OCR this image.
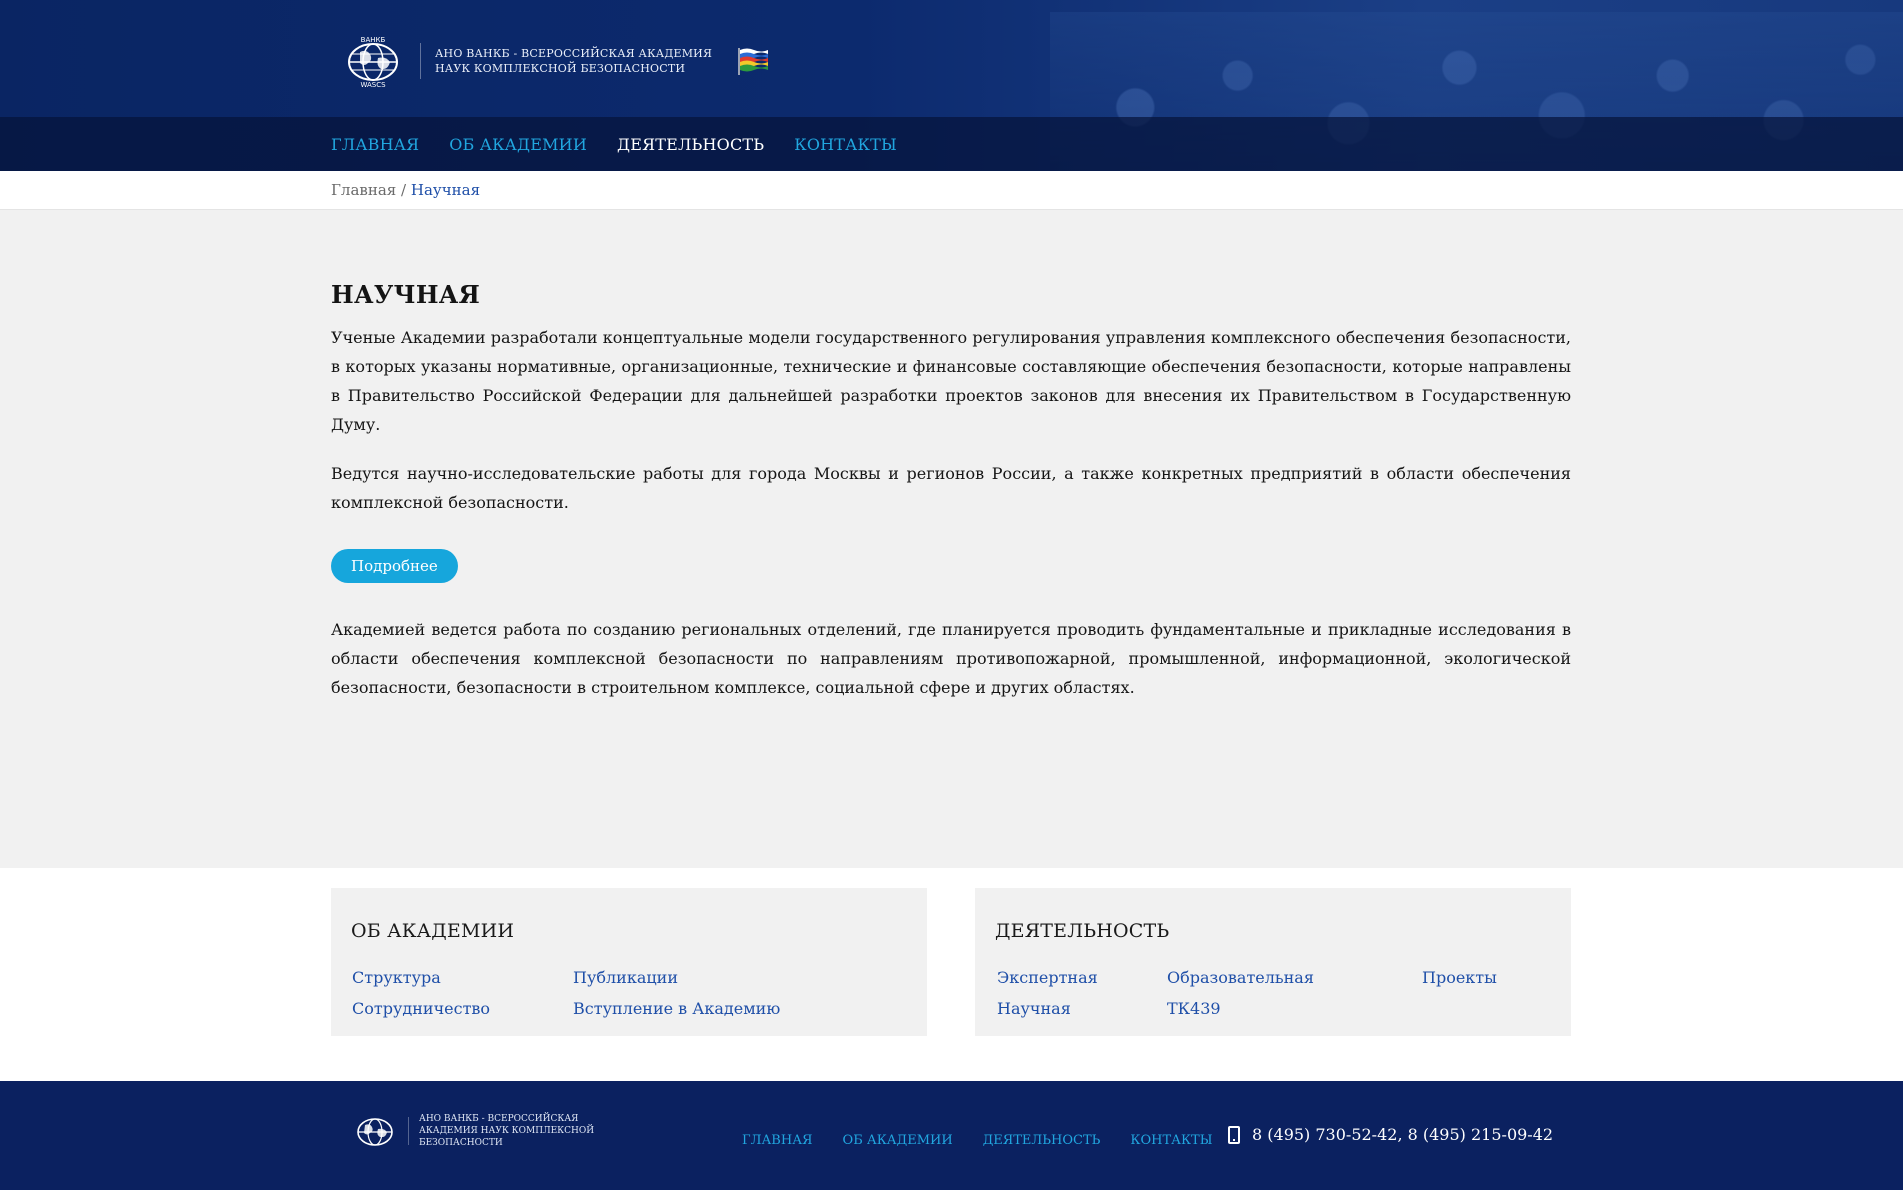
ВАНКБ
WASCS
АНО ВАНКБ - ВСЕРОССИЙСКАЯ АКАДЕМИЯ НАУК КОМПЛЕКСНОЙ БЕЗОПАСНОСТИ
ГЛАВНАЯ ОБ АКАДЕМИИ ДЕЯТЕЛЬНОСТЬ КОНТАКТЫ
Главная / Научная
НАУЧНАЯ

Ученые Академии разработали концептуальные модели государственного регулирования управления комплексного обеспечения безопасности, в которых указаны нормативные, организационные, технические и финансовые составляющие обеспечения безопасности, которые направлены в Правительство Российской Федерации для дальнейшей разработки проектов законов для внесения их Правительством в Государственную Думу.

Ведутся научно-исследовательские работы для города Москвы и регионов России, а также конкретных предприятий в области обеспечения комплексной безопасности.

Подробнее

Академией ведется работа по созданию региональных отделений, где планируется проводить фундаментальные и прикладные исследования в области обеспечения комплексной безопасности по направлениям противопожарной, промышленной, информационной, экологической безопасности, безопасности в строительном комплексе, социальной сфере и других областях.

ОБ АКАДЕМИИ
Структура	Публикации
Сотрудничество	Вступление в Академию
ДЕЯТЕЛЬНОСТЬ
Экспертная	Образовательная	Проекты
Научная	ТК439
АНО ВАНКБ - ВСЕРОССИЙСКАЯ АКАДЕМИЯ НАУК КОМПЛЕКСНОЙ БЕЗОПАСНОСТИ	ГЛАВНАЯ ОБ АКАДЕМИИ ДЕЯТЕЛЬНОСТЬ КОНТАКТЫ 8 (495) 730-52-42, 8 (495) 215-09-42
